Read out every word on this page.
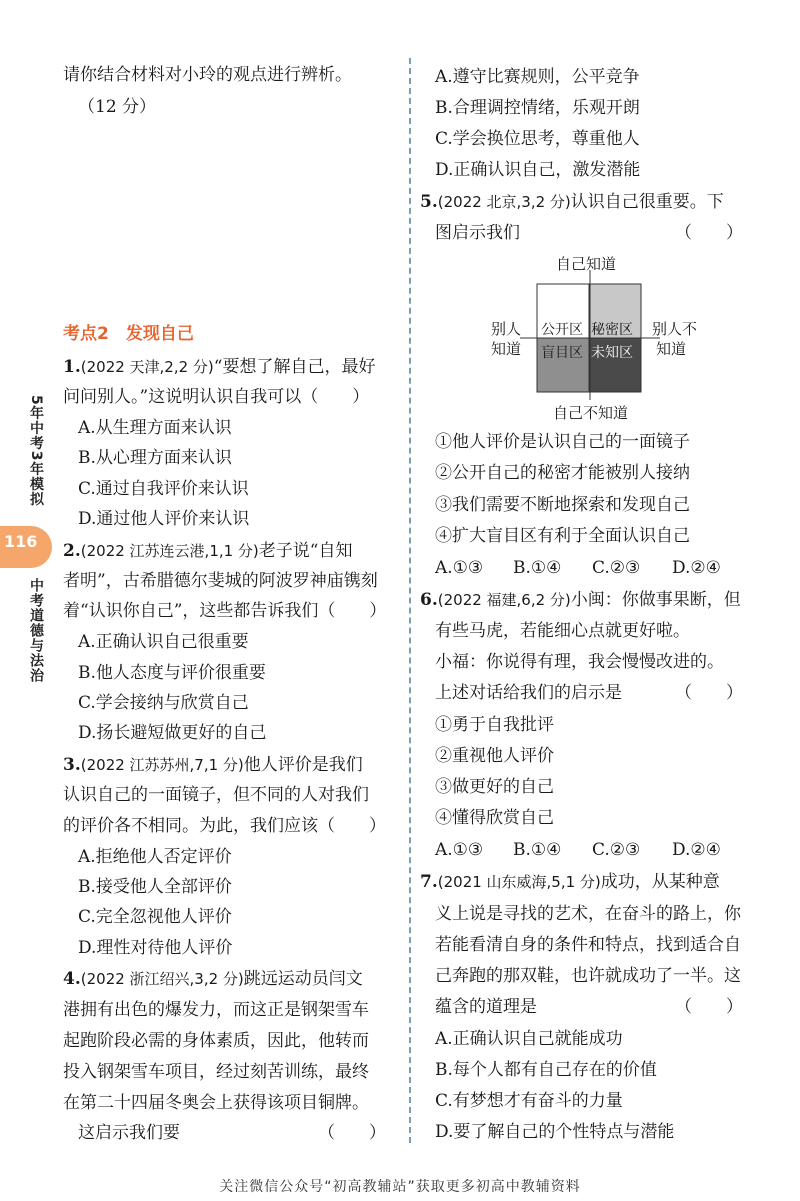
5年中考3年模拟
116
中考道德与法治
请你结合材料对小玲的观点进行辨析。
（12 分）
考点2　发现自己
1.(2022 天津,2,2 分)“要想了解自己，最好
问问别人。”这说明认识自我可以（　　）
A.从生理方面来认识
B.从心理方面来认识
C.通过自我评价来认识
D.通过他人评价来认识
2.(2022 江苏连云港,1,1 分)老子说“自知
者明”，古希腊德尔斐城的阿波罗神庙镌刻
着“认识你自己”，这些都告诉我们（　　）
A.正确认识自己很重要
B.他人态度与评价很重要
C.学会接纳与欣赏自己
D.扬长避短做更好的自己
3.(2022 江苏苏州,7,1 分)他人评价是我们
认识自己的一面镜子，但不同的人对我们
的评价各不相同。为此，我们应该（　　）
A.拒绝他人否定评价
B.接受他人全部评价
C.完全忽视他人评价
D.理性对待他人评价
4.(2022 浙江绍兴,3,2 分)跳远运动员闫文
港拥有出色的爆发力，而这正是钢架雪车
起跑阶段必需的身体素质，因此，他转而
投入钢架雪车项目，经过刻苦训练，最终
在第二十四届冬奥会上获得该项目铜牌。
这启示我们要	（　　）
A.遵守比赛规则，公平竞争
B.合理调控情绪，乐观开朗
C.学会换位思考，尊重他人
D.正确认识自己，激发潜能
5.(2022 北京,3,2 分)认识自己很重要。下
图启示我们	（　　）
自己知道
自己不知道
别人
知道
别人不
知道
公开区 秘密区
盲目区 未知区
①他人评价是认识自己的一面镜子
②公开自己的秘密才能被别人接纳
③我们需要不断地探索和发现自己
④扩大盲目区有利于全面认识自己
A.①③ B.①④ C.②③ D.②④
6.(2022 福建,6,2 分)小闽：你做事果断，但
有些马虎，若能细心点就更好啦。
小福：你说得有理，我会慢慢改进的。
上述对话给我们的启示是	（　　）
①勇于自我批评
②重视他人评价
③做更好的自己
④懂得欣赏自己
A.①③ B.①④ C.②③ D.②④
7.(2021 山东威海,5,1 分)成功，从某种意
义上说是寻找的艺术，在奋斗的路上，你
若能看清自身的条件和特点，找到适合自
己奔跑的那双鞋，也许就成功了一半。这
蕴含的道理是	（　　）
A.正确认识自己就能成功
B.每个人都有自己存在的价值
C.有梦想才有奋斗的力量
D.要了解自己的个性特点与潜能
关注微信公众号“初高教辅站”获取更多初高中教辅资料
